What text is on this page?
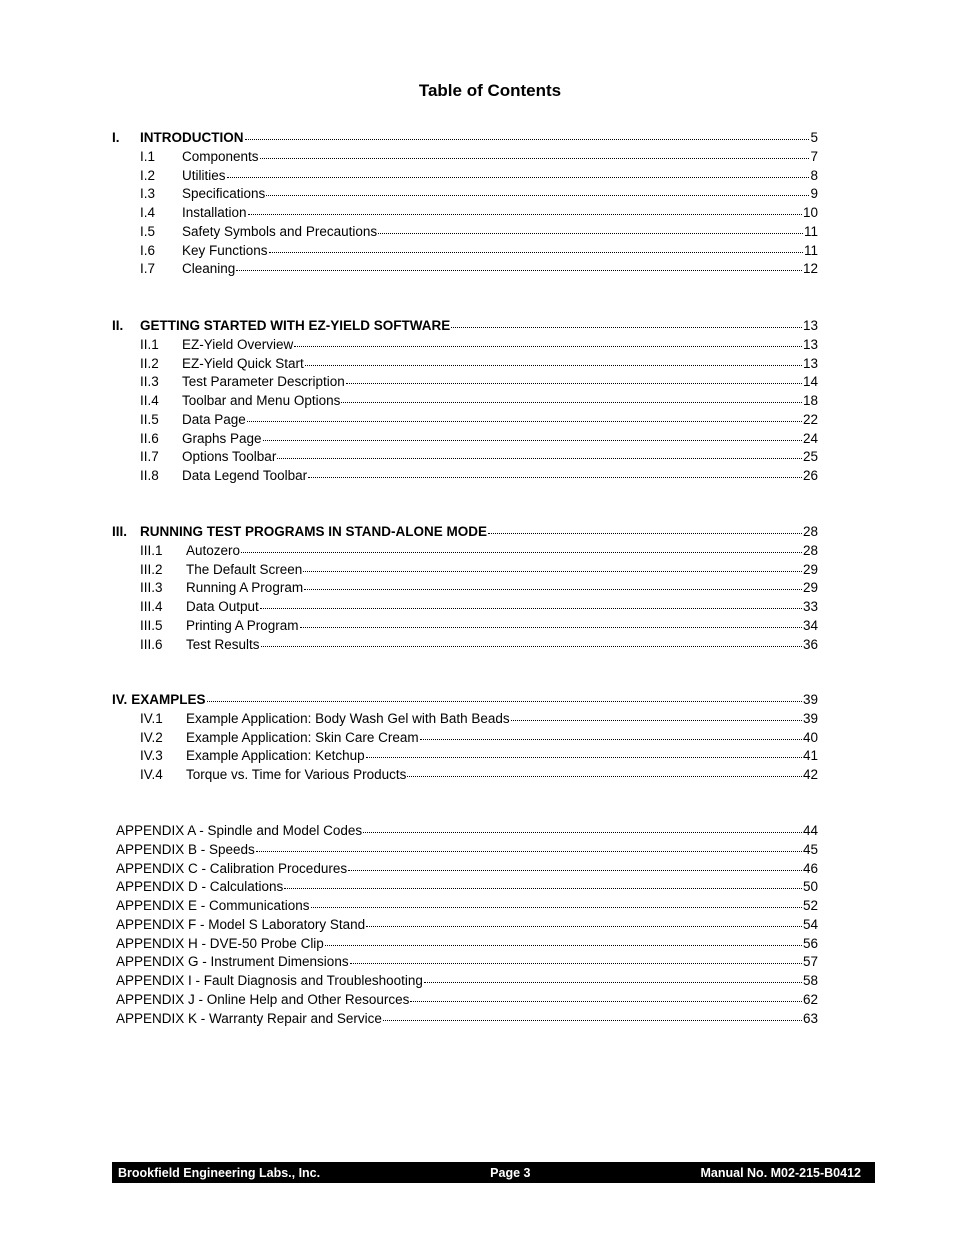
Table of Contents
I.	INTRODUCTION	5
I.1	Components	7
I.2	Utilities	8
I.3	Specifications	9
I.4	Installation	10
I.5	Safety Symbols and Precautions	11
I.6	Key Functions	11
I.7	Cleaning	12
II.	GETTING STARTED WITH EZ-YIELD SOFTWARE	13
II.1	EZ-Yield Overview	13
II.2	EZ-Yield Quick Start	13
II.3	Test Parameter Description	14
II.4	Toolbar and Menu Options	18
II.5	Data Page	22
II.6	Graphs Page	24
II.7	Options Toolbar	25
II.8	Data Legend Toolbar	26
III. RUNNING TEST PROGRAMS IN STAND-ALONE MODE	28
III.1	Autozero	28
III.2	The Default Screen	29
III.3	Running A Program	29
III.4	Data Output	33
III.5	Printing A Program	34
III.6	Test Results	36
IV. EXAMPLES	39
IV.1	Example Application: Body Wash Gel with Bath Beads	39
IV.2	Example Application: Skin Care Cream	40
IV.3	Example Application: Ketchup	41
IV.4	Torque vs. Time for Various Products	42
APPENDIX A - Spindle and Model Codes	44
APPENDIX B - Speeds	45
APPENDIX C - Calibration Procedures	46
APPENDIX D - Calculations	50
APPENDIX E - Communications	52
APPENDIX F - Model S Laboratory Stand	54
APPENDIX H - DVE-50 Probe Clip	56
APPENDIX G - Instrument Dimensions	57
APPENDIX I - Fault Diagnosis and Troubleshooting	58
APPENDIX J - Online Help and Other Resources	62
APPENDIX K - Warranty Repair and Service	63
Brookfield Engineering Labs., Inc.	Page 3	Manual No. M02-215-B0412
